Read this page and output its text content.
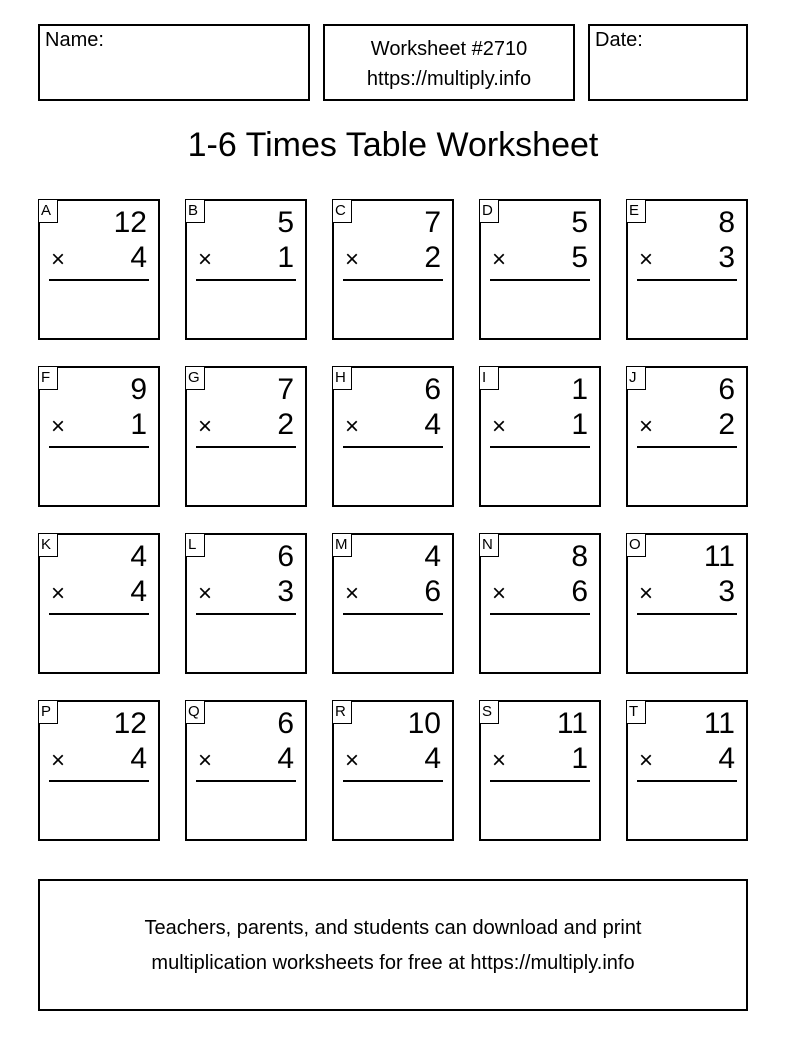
Name:	Worksheet #2710
https://multiply.info
Date:
1-6 Times Table Worksheet
A 12
× 4
B	5
× 1
C	7
× 2
D	5
× 5
E	8
× 3
F	9
× 1
G	7
× 2
H	6
× 4
I	1
× 1
J	6
× 2
K	4
× 4
L	6
× 3
M	4
× 6
N	8
× 6
O 11
× 3
P 12
× 4
Q	6
× 4
R 10
× 4
S 11
× 1
T 11
× 4
Teachers, parents, and students can download and print
multiplication worksheets for free at https://multiply.info
